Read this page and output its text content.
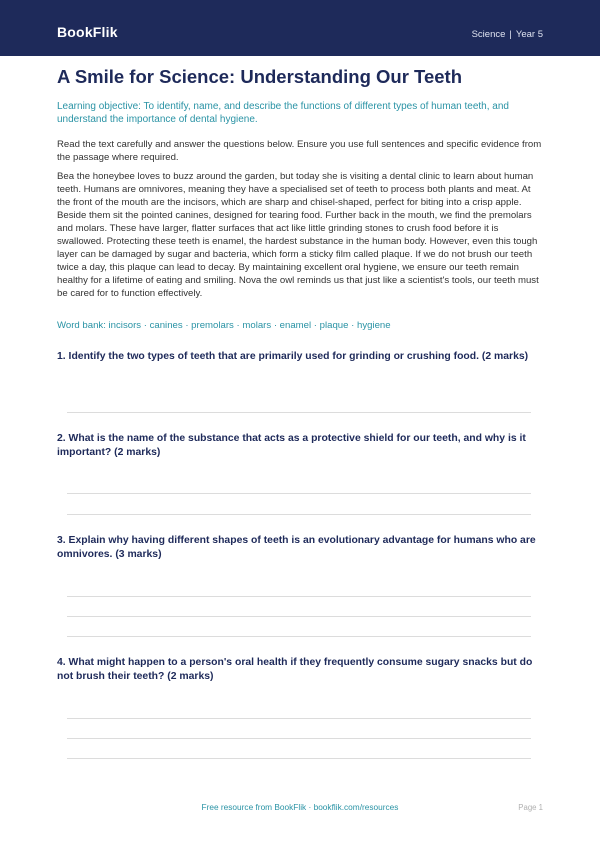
BookFlik	Science | Year 5
A Smile for Science: Understanding Our Teeth

Learning objective: To identify, name, and describe the functions of different types of human teeth, and understand the importance of dental hygiene.

Read the text carefully and answer the questions below. Ensure you use full sentences and specific evidence from the passage where required.

Bea the honeybee loves to buzz around the garden, but today she is visiting a dental clinic to learn about human teeth. Humans are omnivores, meaning they have a specialised set of teeth to process both plants and meat. At the front of the mouth are the incisors, which are sharp and chisel-shaped, perfect for biting into a crisp apple. Beside them sit the pointed canines, designed for tearing food. Further back in the mouth, we find the premolars and molars. These have larger, flatter surfaces that act like little grinding stones to crush food before it is swallowed. Protecting these teeth is enamel, the hardest substance in the human body. However, even this tough layer can be damaged by sugar and bacteria, which form a sticky film called plaque. If we do not brush our teeth twice a day, this plaque can lead to decay. By maintaining excellent oral hygiene, we ensure our teeth remain healthy for a lifetime of eating and smiling. Nova the owl reminds us that just like a scientist's tools, our teeth must be cared for to function effectively.

Word bank: incisors · canines · premolars · molars · enamel · plaque · hygiene

1. Identify the two types of teeth that are primarily used for grinding or crushing food. (2 marks)

2. What is the name of the substance that acts as a protective shield for our teeth, and why is it important? (2 marks)

3. Explain why having different shapes of teeth is an evolutionary advantage for humans who are omnivores. (3 marks)

4. What might happen to a person's oral health if they frequently consume sugary snacks but do not brush their teeth? (2 marks)

Free resource from BookFlik · bookflik.com/resources	Page 1
